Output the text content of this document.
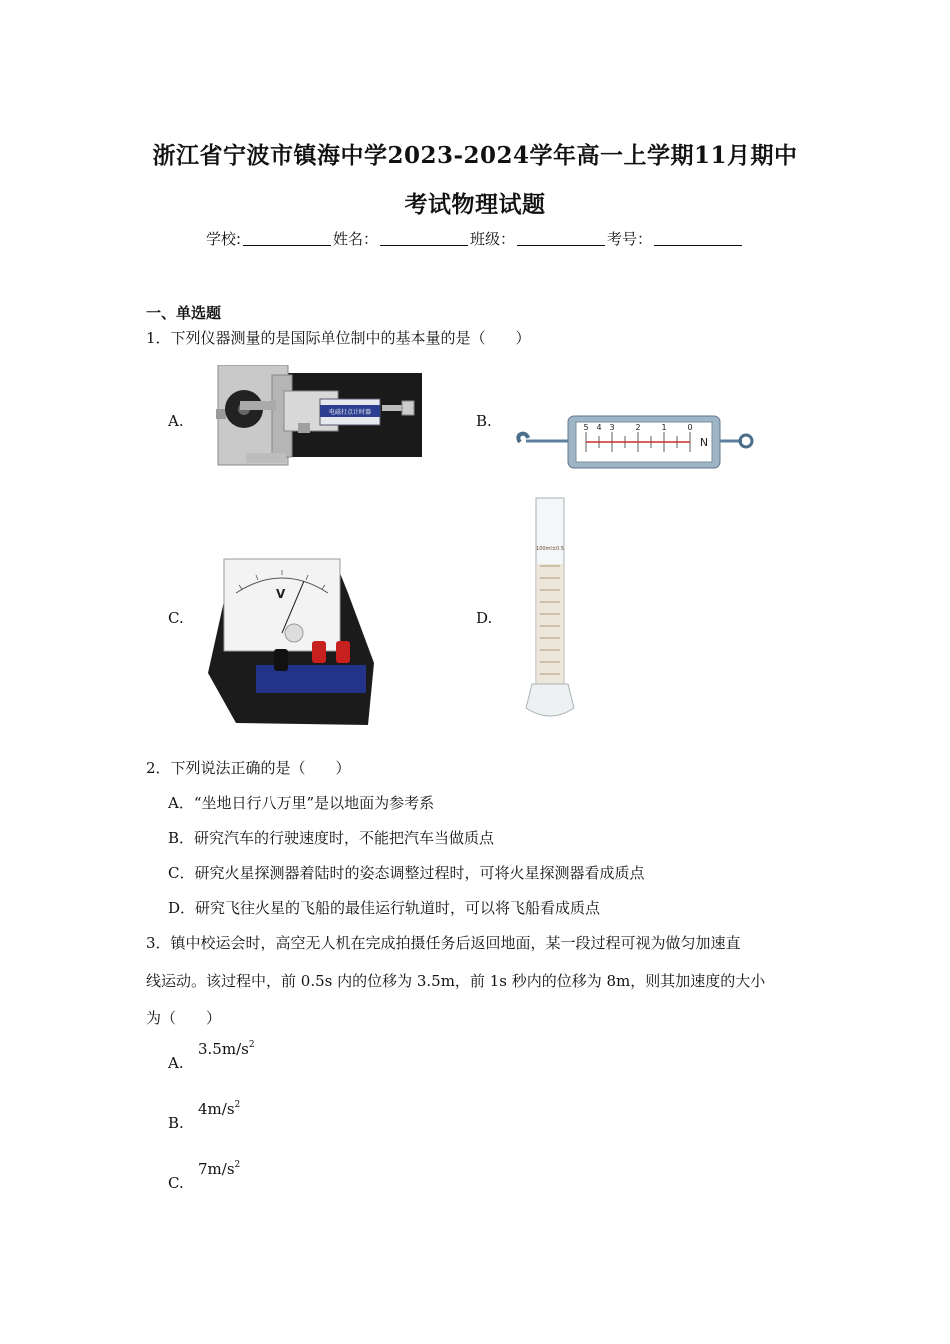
浙江省宁波市镇海中学2023-2024学年高一上学期11月期中
考试物理试题
学校:	姓名：	班级：	考号：
一、单选题
1．下列仪器测量的是国际单位制中的基本量的是（　　）
A.	B.
C.	D.
电磁打点计时器
0
1
2
3
4
5
N
V
100ml±0.5
2．下列说法正确的是（　　）
A．“坐地日行八万里”是以地面为参考系
B．研究汽车的行驶速度时，不能把汽车当做质点
C．研究火星探测器着陆时的姿态调整过程时，可将火星探测器看成质点
D．研究飞往火星的飞船的最佳运行轨道时，可以将飞船看成质点
3．镇中校运会时，高空无人机在完成拍摄任务后返回地面，某一段过程可视为做匀加速直
线运动。该过程中，前 0.5s 内的位移为 3.5m，前 1s 秒内的位移为 8m，则其加速度的大小
为（　　）
A.
$3.5m/s^2$
B.
$4m/s^2$
C.
$7m/s^2$
